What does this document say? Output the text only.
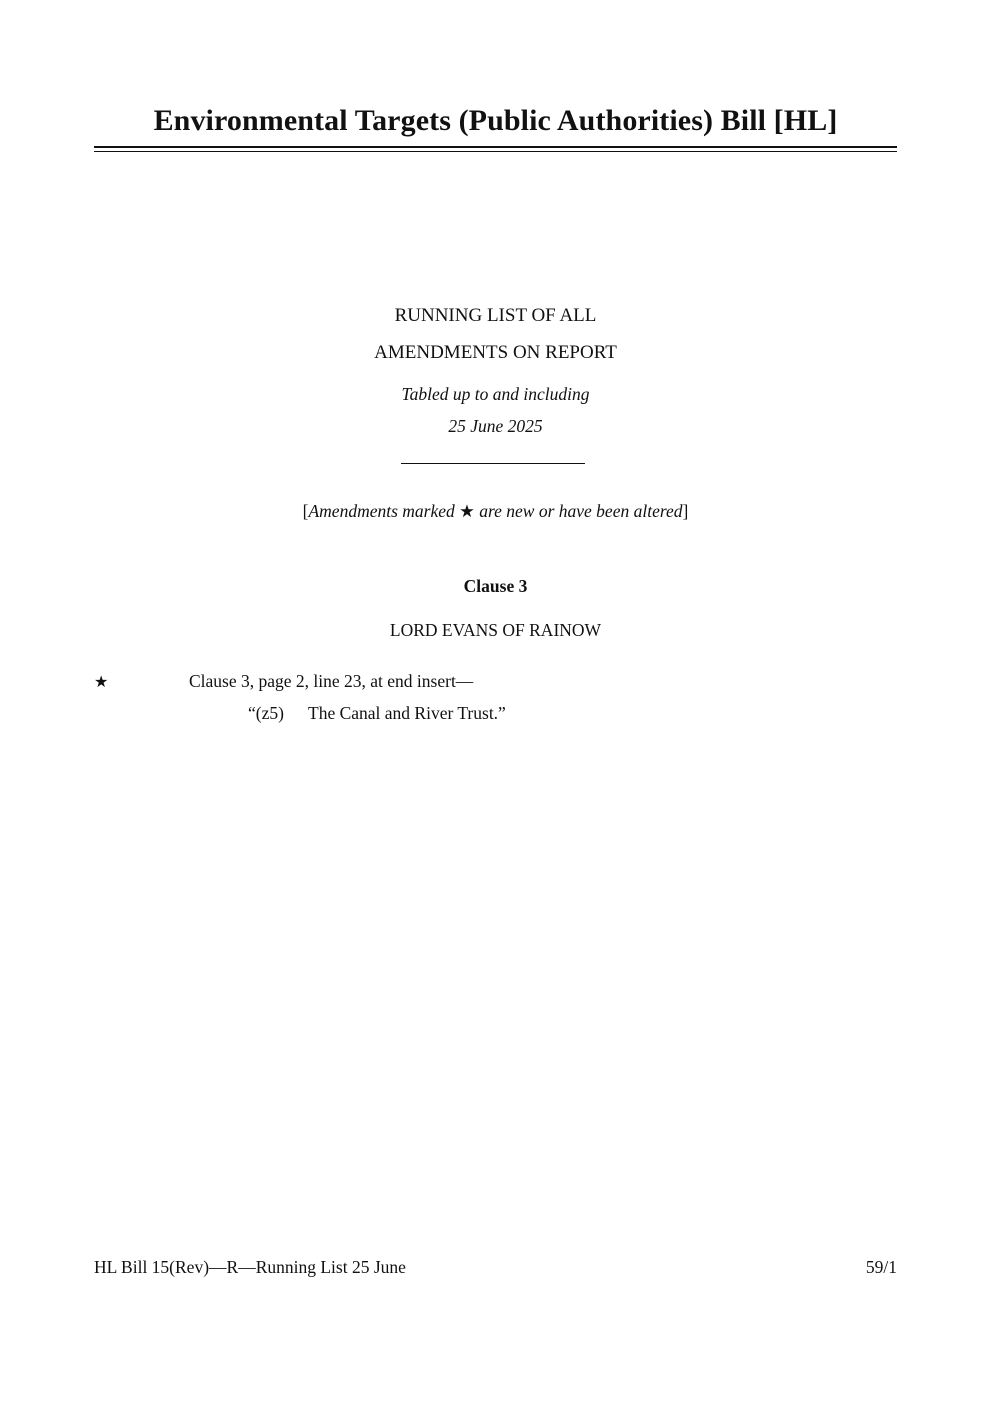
Environmental Targets (Public Authorities) Bill [HL]

RUNNING LIST OF ALL

AMENDMENTS ON REPORT

Tabled up to and including

25 June 2025

[Amendments marked ★ are new or have been altered]

Clause 3

LORD EVANS OF RAINOW

★	Clause 3, page 2, line 23, at end insert—

“(z5) The Canal and River Trust.”

HL Bill 15(Rev)—R—Running List 25 June	59/1
